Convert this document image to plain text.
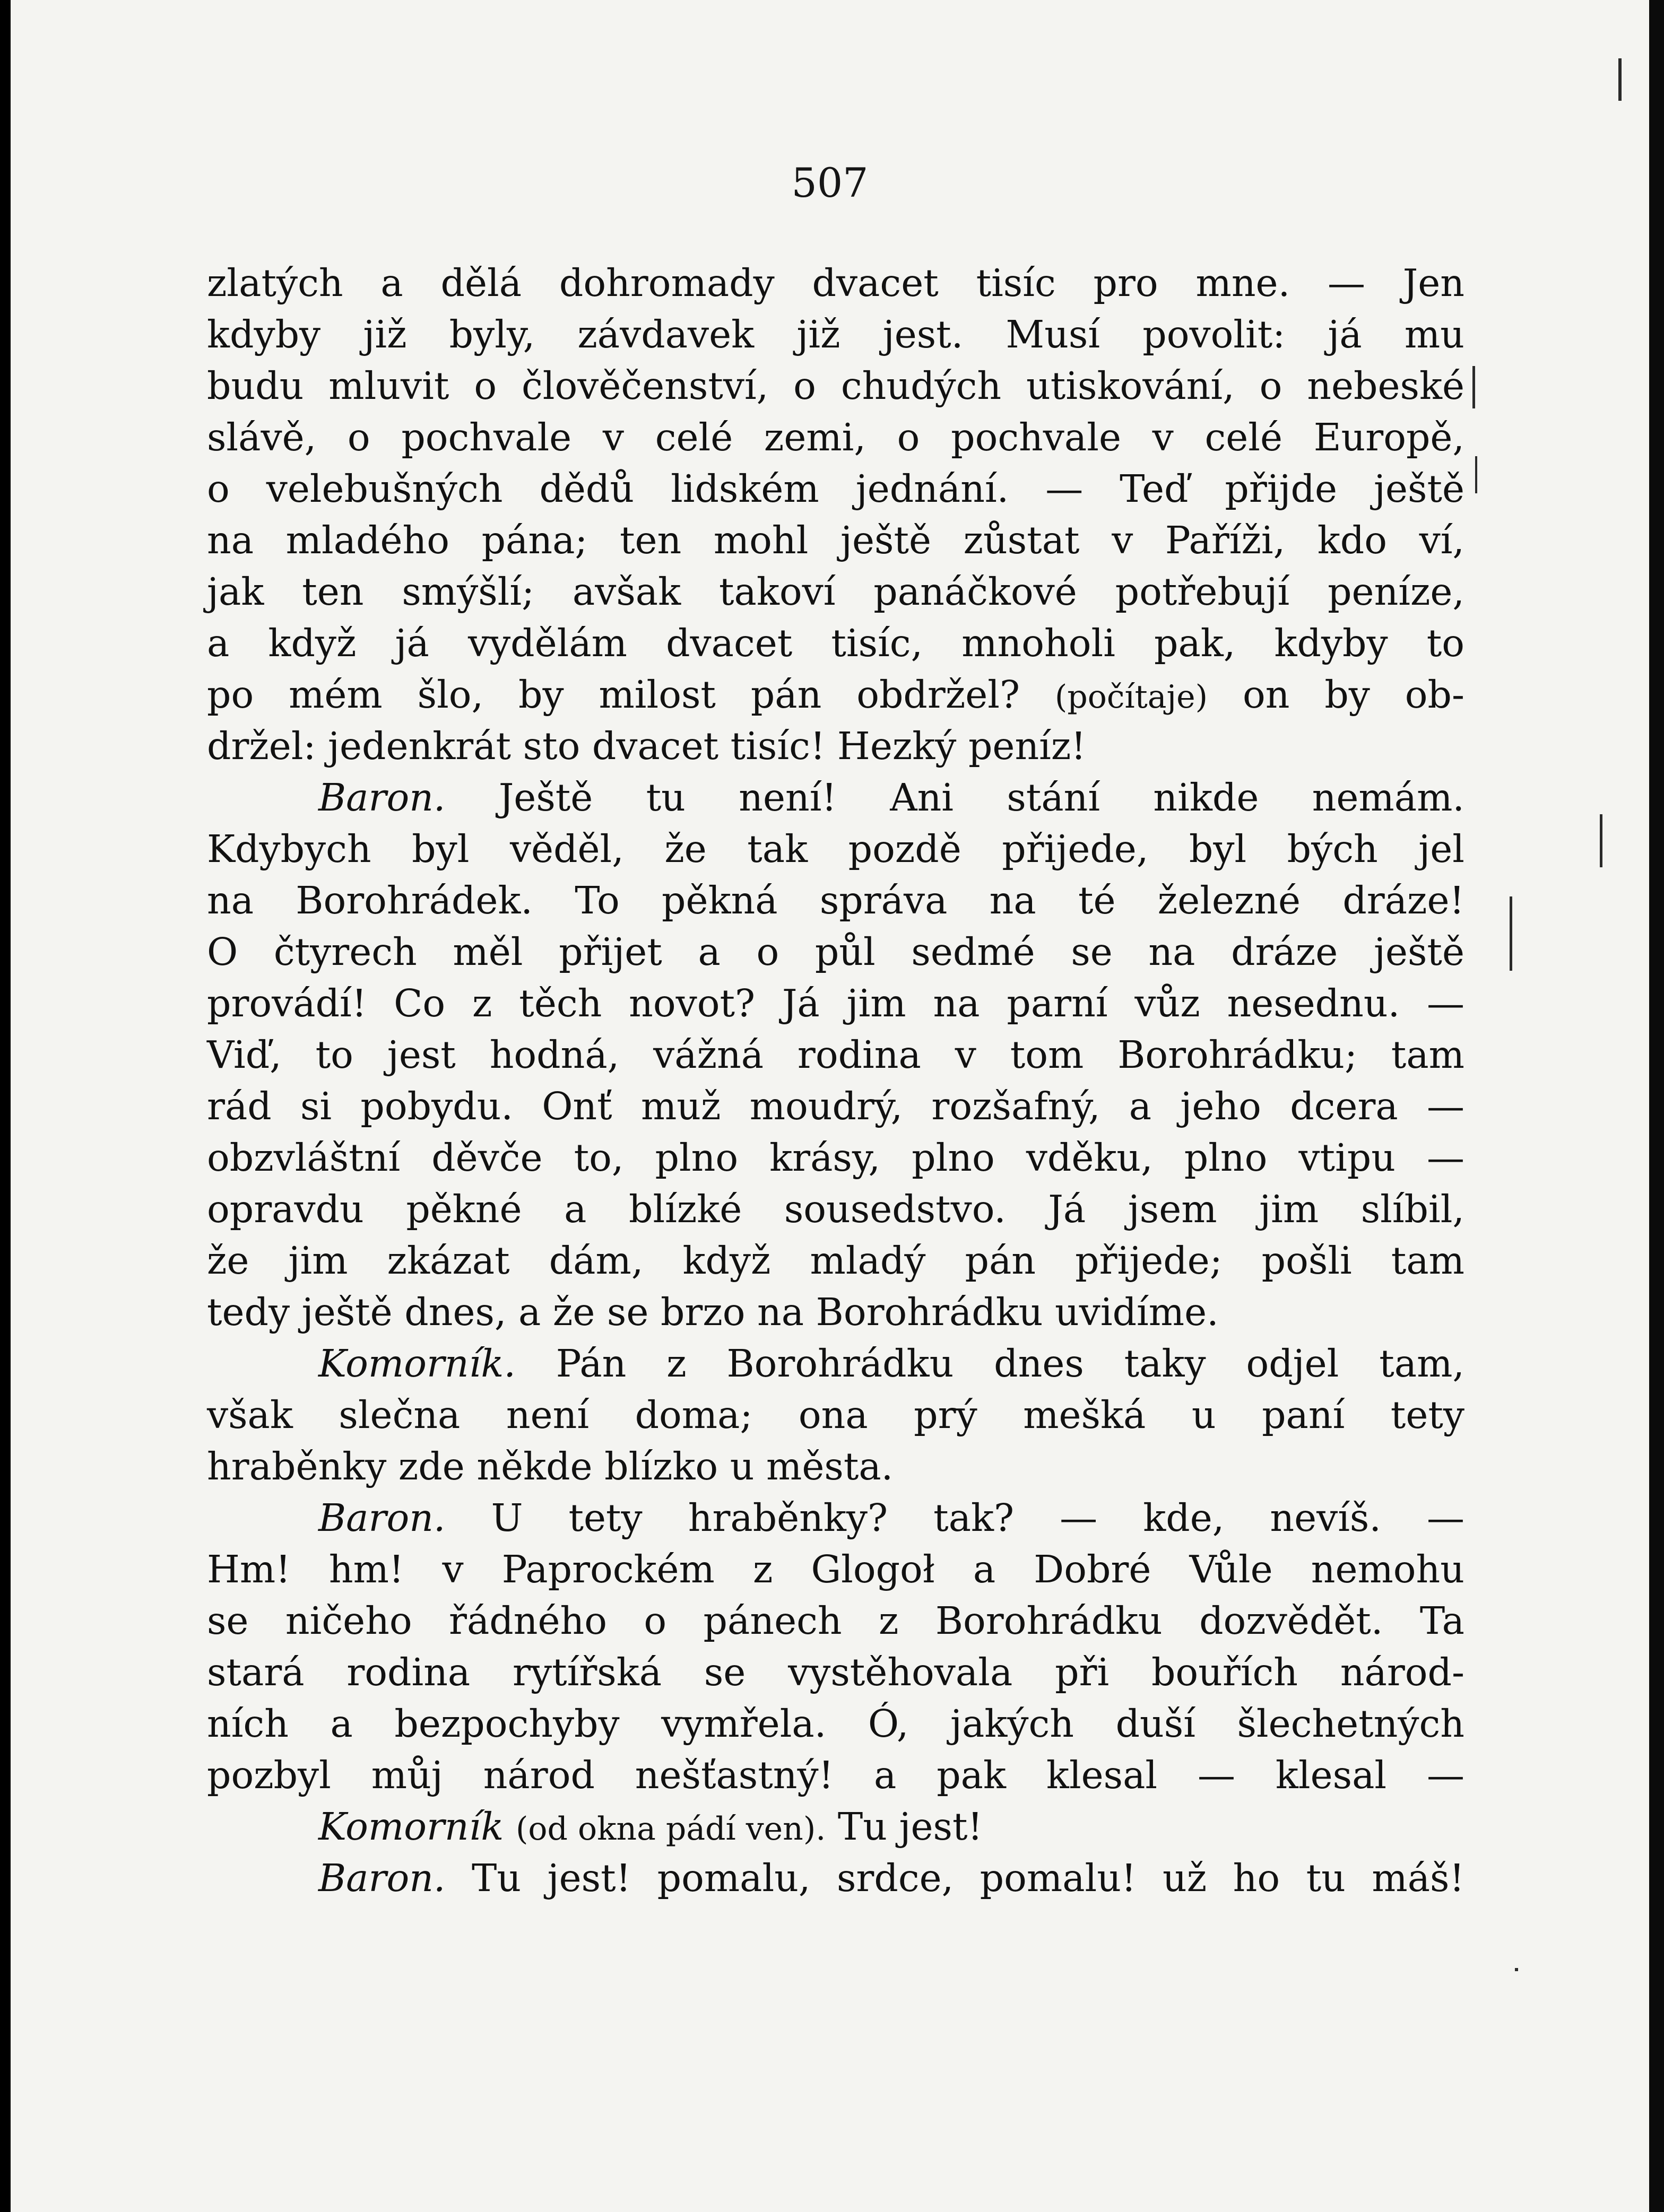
507
zlatých a dělá dohromady dvacet tisíc pro mne. — Jen
kdyby již byly, závdavek již jest. Musí povolit: já mu
budu mluvit o člověčenství, o chudých utiskování, o nebeské
slávě, o pochvale v celé zemi, o pochvale v celé Europě,
o velebušných dědů lidském jednání. — Teď přijde ještě
na mladého pána; ten mohl ještě zůstat v Paříži, kdo ví,
jak ten smýšlí; avšak takoví panáčkové potřebují peníze,
a když já vydělám dvacet tisíc, mnoholi pak, kdyby to
po mém šlo, by milost pán obdržel? (počítaje) on by ob-
držel: jedenkrát sto dvacet tisíc! Hezký peníz!
Baron. Ještě tu není! Ani stání nikde nemám.
Kdybych byl věděl, že tak pozdě přijede, byl bých jel
na Borohrádek. To pěkná správa na té železné dráze!
O čtyrech měl přijet a o půl sedmé se na dráze ještě
provádí! Co z těch novot? Já jim na parní vůz nesednu. —
Viď, to jest hodná, vážná rodina v tom Borohrádku; tam
rád si pobydu. Onť muž moudrý, rozšafný, a jeho dcera —
obzvláštní děvče to, plno krásy, plno vděku, plno vtipu —
opravdu pěkné a blízké sousedstvo. Já jsem jim slíbil,
že jim zkázat dám, když mladý pán přijede; pošli tam
tedy ještě dnes, a že se brzo na Borohrádku uvidíme.
Komorník. Pán z Borohrádku dnes taky odjel tam,
však slečna není doma; ona prý mešká u paní tety
hraběnky zde někde blízko u města.
Baron. U tety hraběnky? tak? — kde, nevíš. —
Hm! hm! v Paprockém z Glogoł a Dobré Vůle nemohu
se ničeho řádného o pánech z Borohrádku dozvědět. Ta
stará rodina rytířská se vystěhovala při bouřích národ-
ních a bezpochyby vymřela. Ó, jakých duší šlechetných
pozbyl můj národ nešťastný! a pak klesal — klesal —
Komorník (od okna pádí ven). Tu jest!
Baron. Tu jest! pomalu, srdce, pomalu! už ho tu máš!
